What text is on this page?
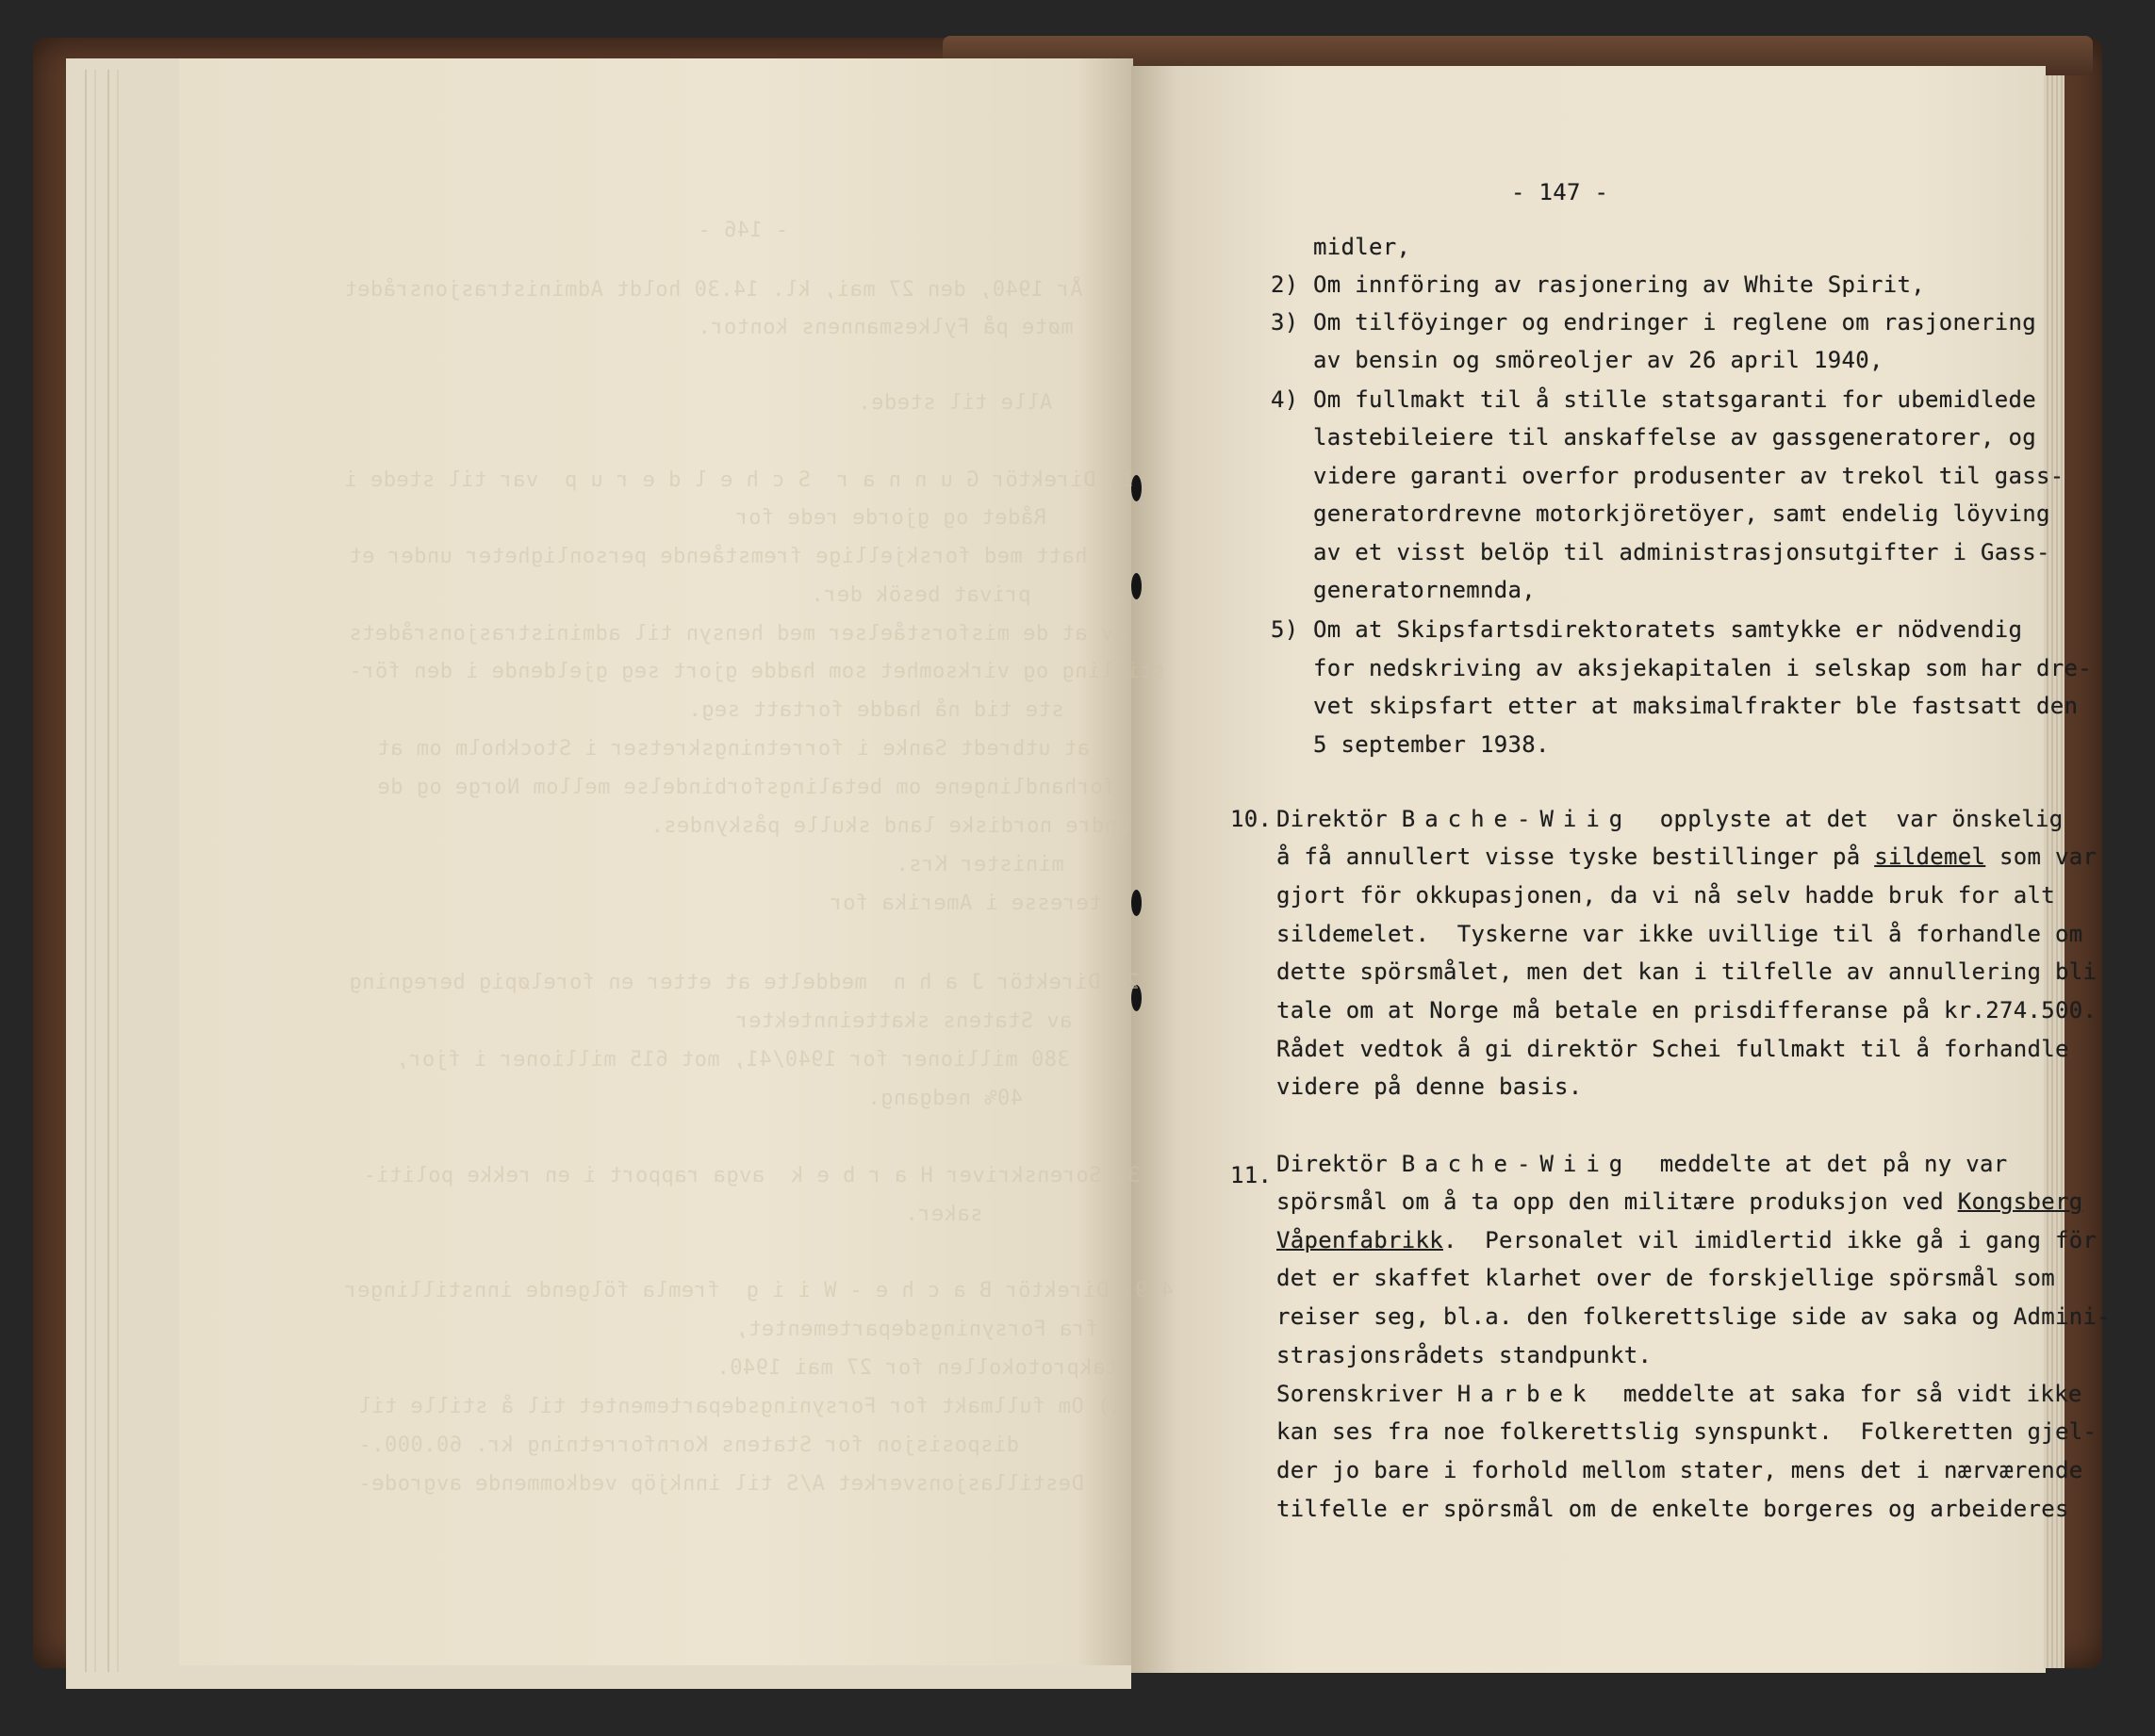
- 146 -
År 1940, den 27 mai, kl. 14.30 holdt Administrasjonsrådet
møte på Fylkesmannens kontor.
Alle til stede.
1. Direktör G u n n a r  S c h e l d e r u p  var til stede i
Rådet og gjorde rede for
hatt med forskjellige fremstående personligheter under et
privat besök der.
av at de misforståelser med hensyn til administrasjonsrådets
stilling og virksomhet som hadde gjort seg gjeldende i den för-
ste tid nå hadde fortatt seg.
at utbredt Sanke i forretningskretser i Stockholm om at
forhandlingene om betalingsforbindelse mellom Norge og de
andre nordiske land skulle påskyndes.
minister Krs.
teresse i Amerika for
2. Direktör J a h n  meddelte at etter en foreløpig beregning
av Statens skatteinntekter
380 millioner for 1940/41, mot 615 millioner i fjor,
40% nedgang.
3. Sorenskriver H a r b e k  avga rapport i en rekke politi-
saker.
4-9. Direktör B a c h e - W i i g  fremla fölgende innstillinger
fra Forsyningsdepartementet,
takprotokollen for 27 mai 1940.
1) Om fullmakt for Forsyningsdepartementet til å stille til
disposisjon for Statens Kornforretning kr. 60.000.-
Destillasjonsverket A/S til innkjöp vedkommende avgrode-
- 147 -
midler,
2) Om innföring av rasjonering av White Spirit,
3) Om tilföyinger og endringer i reglene om rasjonering
av bensin og smöreoljer av 26 april 1940,
4) Om fullmakt til å stille statsgaranti for ubemidlede
lastebileiere til anskaffelse av gassgeneratorer, og
videre garanti overfor produsenter av trekol til gass-
generatordrevne motorkjöretöyer, samt endelig löyving
av et visst belöp til administrasjonsutgifter i Gass-
generatornemnda,
5) Om at Skipsfartsdirektoratets samtykke er nödvendig
for nedskriving av aksjekapitalen i selskap som har dre-
vet skipsfart etter at maksimalfrakter ble fastsatt den
5 september 1938.
10. Direktör Bache-Wiig  opplyste at det  var önskelig
å få annullert visse tyske bestillinger på sildemel som var
gjort för okkupasjonen, da vi nå selv hadde bruk for alt
sildemelet.  Tyskerne var ikke uvillige til å forhandle om
dette spörsmålet, men det kan i tilfelle av annullering bli
tale om at Norge må betale en prisdifferanse på kr.274.500.
Rådet vedtok å gi direktör Schei fullmakt til å forhandle
videre på denne basis.
11. Direktör Bache-Wiig  meddelte at det på ny var
spörsmål om å ta opp den militære produksjon ved Kongsberg
Våpenfabrikk.  Personalet vil imidlertid ikke gå i gang för
det er skaffet klarhet over de forskjellige spörsmål som
reiser seg, bl.a. den folkerettslige side av saka og Admini-
strasjonsrådets standpunkt.
Sorenskriver Harbek  meddelte at saka for så vidt ikke
kan ses fra noe folkerettslig synspunkt.  Folkeretten gjel-
der jo bare i forhold mellom stater, mens det i nærværende
tilfelle er spörsmål om de enkelte borgeres og arbeideres
